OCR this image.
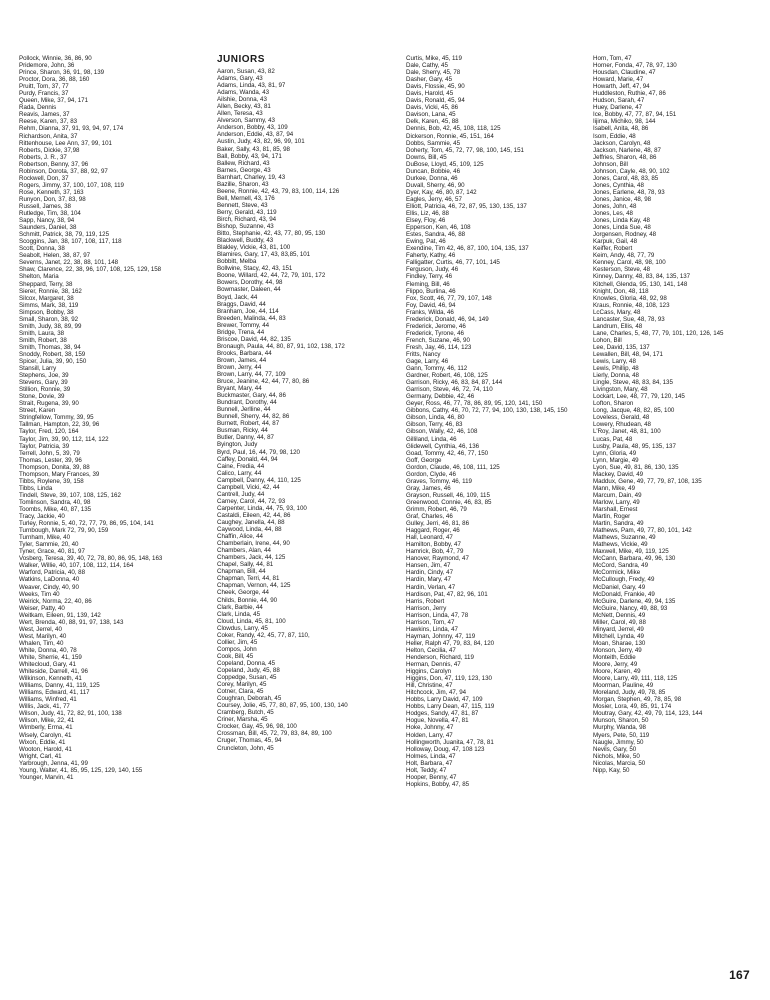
Pollock, Winnie, 36, 86, 90
Pridemore, John, 36
Prince, Sharon, 36, 91, 98, 139
Proctor, Dora, 36, 88, 160
Pruitt, Tom, 37, 77
Purdy, Francis, 37
Queen, Mike, 37, 94, 171
Rada, Dennis
Reavis, James, 37
Reese, Karen, 37, 83
Rehm, Dianna, 37, 91, 93, 94, 97, 174
Richardson, Anita, 37
Rittenhouse, Lee Ann, 37, 99, 101
Roberts, Dickie, 37,98
Roberts, J. R., 37
Robertson, Benny, 37, 96
Robinson, Dorota, 37, 88, 92, 97
Rockwell, Don, 37
Rogers, Jimmy, 37, 100, 107, 108, 119
Rose, Kenneth, 37, 163
Runyon, Don, 37, 83, 98
Russell, James, 38
Rutledge, Tim, 38, 104
Sapp, Nancy, 38, 94
Saunders, Daniel, 38
Schmitt, Patrick, 38, 79, 119, 125
Scoggins, Jan, 38, 107, 108, 117, 118
Scott, Donna, 38
Seabolt, Helen, 38, 87, 97
Severns, Janet, 22, 38, 88, 101, 148
Shaw, Clarence, 22, 38, 96, 107, 108, 125, 129, 158
Shelton, Maria
Sheppard, Terry, 38
Sierer, Ronnie, 38, 162
Silcox, Margaret, 38
Simms, Mark, 38, 119
Simpson, Bobby, 38
Small, Sharon, 38, 92
Smith, Judy, 38, 89, 99
Smith, Laura, 38
Smith, Robert, 38
Smith, Thomas, 38, 94
Snoddy, Robert, 38, 159
Spicer, Julia, 39, 90, 150
Stansill, Larry
Stephens, Joe, 39
Stevens, Gary, 39
Stillion, Ronnie, 39
Stone, Dovie, 39
Strait, Rugena, 39, 90
Street, Karen
Stringfellow, Tommy, 39, 95
Tallman, Hampton, 22, 39, 96
Taylor, Fred, 120, 164
Taylor, Jim, 39, 90, 112, 114, 122
Taylor, Patricia, 39
Terrell, John, 5, 39, 79
Thomas, Lester, 39, 96
Thompson, Donita, 39, 88
Thompson, Mary Frances, 39
Tibbs, Roylene, 39, 158
Tibbs, Linda
Tindell, Steve, 39, 107, 108, 125, 162
Tomlinson, Sandra, 40, 98
Toombs, Mike, 40, 87, 135
Tracy, Jackie, 40
Turley, Ronnie, 5, 40, 72, 77, 79, 86, 95, 104, 141
Turnbough, Mark 72, 79, 90, 159
Turnham, Mike, 40
Tyler, Sammie, 20, 40
Tyner, Grace, 40, 81, 97
Vosberg, Teresa, 39, 40, 72, 78, 80, 86, 95, 148, 163
Walker, Willie, 40, 107, 108, 112, 114, 164
Warford, Patricia, 40, 88
Watkins, LaDonna, 40
Weaver, Cindy, 40, 90
Weeks, Tim 40
Weirick, Norma, 22, 40, 86
Weiser, Patty, 40
Weitkam, Eileen, 91, 139, 142
Wert, Brenda, 40, 88, 91, 97, 138, 143
West, Jerrel, 40
West, Marilyn, 40
Whalen, Tim, 40
White, Donna, 40, 78
White, Sherrie, 41, 159
Whitecloud, Gary, 41
Whiteside, Darrell, 41, 96
Wilkinson, Kenneth, 41
Williams, Danny, 41, 119, 125
Williams, Edward, 41, 117
Williams, Winfred, 41
Willis, Jack, 41, 77
Wilson, Judy, 41, 72, 82, 91, 100, 138
Wilson, Mike, 22, 41
Wimberly, Erma, 41
Wisely, Carolyn, 41
Wixon, Eddie, 41
Wooton, Harold, 41
Wright, Carl, 41
Yarbrough, Jenna, 41, 99
Young, Walter, 41, 85, 95, 125, 129, 140, 155
Younger, Marvin, 41
JUNIORS
Aaron, Susan, 43, 82
Adams, Gary, 43
Adams, Linda, 43, 81, 97
Adams, Wanda, 43
Ailshie, Donna, 43
Allen, Becky, 43, 81
Allen, Teresa, 43
Alverson, Sammy, 43
Anderson, Bobby, 43, 109
Anderson, Eddie, 43, 87, 94
Austin, Judy, 43, 82, 96, 99, 101
Baker, Sally, 43, 81, 85, 98
Ball, Bobby, 43, 94, 171
Ballew, Richard, 43
Barnes, George, 43
Barnhart, Charley, 19, 43
Bazille, Sharon, 43
Beene, Ronnie, 42, 43, 79, 83, 100, 114, 126
Bell, Mernell, 43, 176
Bennett, Steve, 43
Berry, Gerald, 43, 119
Birch, Richard, 43, 94
Bishop, Suzanne, 43
Bitto, Stephanie, 42, 43, 77, 80, 95, 130
Blackwell, Buddy, 43
Blakley, Vickie, 43, 81, 100
Blamires, Gary, 17, 43, 83,85, 101
Bobbitt, Melba
Bollwine, Stacy, 42, 43, 151
Boone, Willard, 42, 44, 72, 79, 101, 172
Bowers, Dorothy, 44, 98
Bowmaster, Daleen, 44
Boyd, Jack, 44
Braggs, David, 44
Branham, Joe, 44, 114
Breeden, Malinda, 44, 83
Brewer, Tommy, 44
Bridge, Trena, 44
Briscoe, David, 44, 82, 135
Bronaugh, Paula, 44, 80, 87, 91, 102, 138, 172
Brooks, Barbara, 44
Brown, James, 44
Brown, Jerry, 44
Brown, Larry, 44, 77, 109
Bruce, Jeanine, 42, 44, 77, 80, 86
Bryant, Mary, 44
Buckmaster, Gary, 44, 86
Bundrant, Dorothy, 44
Bunnell, Jerlline, 44
Bunnell, Sherry, 44, 82, 86
Burnett, Robert, 44, 87
Busman, Ricky, 44
Butler, Danny, 44, 87
Byington, Judy
Byrd, Paul, 16, 44, 79, 98, 120
Caffey, Donald, 44, 94
Caine, Fredia, 44
Calico, Larry, 44
Campbell, Danny, 44, 110, 125
Campbell, Vicki, 42, 44
Cantrell, Judy, 44
Carney, Carol, 44, 72, 93
Carpenter, Linda, 44, 75, 93, 100
Castaldi, Eileen, 42, 44, 86
Caughey, Janella, 44, 88
Caywood, Linda, 44, 88
Chaffin, Alice, 44
Chamberlain, Irene, 44, 90
Chambers, Alan, 44
Chambers, Jack, 44, 125
Chapel, Sally, 44, 81
Chapman, Bill, 44
Chapman, Terri, 44, 81
Chapman, Vernon, 44, 125
Cheek, George, 44
Childs, Bonnie, 44, 90
Clark, Barbie, 44
Clark, Linda, 45
Cloud, Linda, 45, 81, 100
Clowdus, Larry, 45
Coker, Randy, 42, 45, 77, 87, 110,
Collier, Jim, 45
Compos, John
Cook, Bill, 45
Copeland, Donna, 45
Copeland, Judy, 45, 88
Coppedge, Susan, 45
Corey, Marilyn, 45
Cotner, Clara, 45
Coughran, Deborah, 45
Coursey, Jolie, 45, 77, 80, 87, 95, 100, 130, 140
Cramberg, Butch, 45
Criner, Marsha, 45
Crocker, Gay, 45, 96, 98, 100
Crossman, Bill, 45, 72, 79, 83, 84, 89, 100
Cruger, Thomas, 45, 94
Cruncleton, John, 45
Curtis, Mike, 45, 119
Dale, Cathy, 45
Dale, Sherry, 45, 78
Dasher, Gary, 45
Davis, Flossie, 45, 90
Davis, Harold, 45
Davis, Ronald, 45, 94
Davis, Vicki, 45, 86
Davison, Lana, 45
Delk, Karen, 45, 88
Dennis, Bob, 42, 45, 108, 118, 125
Dickerson, Ronnie, 45, 151, 164
Dobbs, Sammie, 45
Doherty, Tom, 45, 72, 77, 98, 100, 145, 151
Downs, Bill, 45
DuBose, Lloyd, 45, 109, 125
Duncan, Bobbie, 46
Durkee, Donna, 46
Duvall, Sherry, 46, 90
Dyer, Kay, 46, 80, 87, 142
Eagles, Jerry, 46, 57
Elliott, Patricia, 46, 72, 87, 95, 130, 135, 137
Ellis, Liz, 46, 88
Elsey, Floy, 46
Epperson, Ken, 46, 108
Estes, Sandra, 46, 88
Ewing, Pat, 46
Exendine, Tim 42, 46, 87, 100, 104, 135, 137
Faherty, Kathy, 46
Falligatter, Curtis, 46, 77, 101, 145
Ferguson, Judy, 46
Findley, Terry, 46
Fleming, Bill, 46
Flippo, Burlina, 46
Fox, Scott, 46, 77, 79, 107, 148
Foy, David, 46, 94
Franks, Wilda, 46
Frederick, Donald, 46, 94, 149
Frederick, Jerome, 46
Frederick, Tyrone, 46
French, Suzane, 46, 90
Fresh, Jay, 46, 114, 123
Fritts, Nancy
Gage, Larry, 46
Gann, Tommy, 46, 112
Gardner, Robert, 46, 108, 125
Garrison, Ricky, 46, 83, 84, 87, 144
Garrison, Steve, 46, 72, 74, 110
Germany, Debbie, 42, 46
Geyer, Ross, 46, 77, 78, 86, 89, 95, 120, 141, 150
Gibbons, Cathy, 46, 70, 72, 77, 94, 100, 130, 138, 145, 150
Gibson, Linda, 46, 80
Gibson, Terry, 46, 83
Gibson, Wally, 42, 46, 108
Gilliland, Linda, 46
Glidewell, Cynthia, 46, 136
Goad, Tommy, 42, 46, 77, 150
Goff, George
Gordon, Claude, 46, 108, 111, 125
Gordon, Clyde, 46
Graves, Tommy, 46, 119
Gray, James, 46
Grayson, Russell, 46, 109, 115
Greenwood, Connie, 46, 83, 85
Grimm, Robert, 46, 79
Graf, Charles, 46
Gulley, Jerri, 46, 81, 86
Haggard, Roger, 46
Hall, Leonard, 47
Hamilton, Bobby, 47
Hamrick, Bob, 47, 79
Hanover, Raymond, 47
Hansen, Jim, 47
Hardin, Cindy, 47
Hardin, Mary, 47
Hardin, Verlan, 47
Hardison, Pat, 47, 82, 96, 101
Harris, Robert
Harrison, Jerry
Harrison, Linda, 47, 78
Harrison, Tom, 47
Hawkins, Linda, 47
Hayman, Johnny, 47, 119
Heller, Ralph 47, 79, 83, 84, 120
Helton, Cecilia, 47
Henderson, Richard, 119
Herman, Dennis, 47
Higgins, Carolyn
Higgins, Don, 47, 119, 123, 130
Hill, Christine, 47
Hitchcock, Jim, 47, 94
Hobbs, Larry David, 47, 109
Hobbs, Larry Dean, 47, 115, 119
Hodges, Sandy, 47, 81, 87
Hogue, Novella, 47, 81
Hoke, Johnny, 47
Holden, Larry, 47
Hollingworth, Juanita, 47, 78, 81
Holloway, Doug, 47, 108 123
Holmes, Linda, 47
Holt, Barbara, 47
Holt, Teddy, 47
Hooper, Benny, 47
Hopkins, Bobby, 47, 85
Horn, Tom, 47
Horner, Fonda, 47, 78, 97, 130
Housdan, Claudine, 47
Howard, Marie, 47
Howarth, Jeff, 47, 94
Huddleston, Ruthie, 47, 86
Hudson, Sarah, 47
Huey, Darlene, 47
Ice, Bobby, 47, 77, 87, 94, 151
Iijima, Michiko, 98, 144
Isabell, Anita, 48, 86
Isom, Eddie, 48
Jackson, Carolyn, 48
Jackson, Narlene, 48, 87
Jeffries, Sharon, 48, 86
Johnson, Bill
Johnson, Cayle, 48, 90, 102
Jones, Carol, 48, 83, 85
Jones, Cynthia, 48
Jones, Earlene, 48, 78, 93
Jones, Janice, 48, 98
Jones, John, 48
Jones, Les, 48
Jones, Linda Kay, 48
Jones, Linda Sue, 48
Jorgensen, Rodney, 48
Karpuk, Gail, 48
Keiffer, Robert
Keim, Andy, 48, 77, 79
Kenney, Carol, 48, 98, 100
Kesterson, Steve, 48
Kinney, Danny, 48, 83, 84, 135, 137
Kitchell, Glenda, 95, 130, 141, 148
Knight, Don, 48, 118
Knowles, Gloria, 48, 92, 98
Kraus, Ronnie, 48, 108, 123
LcCass, Mary, 48
Lancaster, Sue, 48, 78, 93
Landrum, Ellis, 48
Lane, Charles, 5, 48, 77, 79, 101, 120, 126, 145
Lohon, Bill
Lee, David, 135, 137
Lewallen, Bill, 48, 94, 171
Lewis, Larry, 48
Lewis, Phillip, 48
Lierly, Donna, 48
Lingle, Steve, 48, 83, 84, 135
Livingston, Mary, 48
Lockart, Lee, 48, 77, 79, 120, 145
Lofton, Sharon
Long, Jacque, 48, 82, 85, 100
Loveless, Gerald, 48
Lowery, Rhudean, 48
L'Roy, Janet, 48, 81, 100
Lucas, Pat, 48
Lusby, Paula, 48, 95, 135, 137
Lynn, Gloria, 49
Lynn, Margie, 49
Lyon, Sue, 49, 81, 86, 130, 135
Mackey, David, 49
Maddux, Gene, 49, 77, 79, 87, 108, 135
Mann, Mike, 49
Marcum, Dain, 49
Marlow, Larry, 49
Marshall, Ernest
Martin, Roger
Martin, Sandra, 49
Mathews, Pam, 49, 77, 80, 101, 142
Mathews, Suzanne, 49
Mathews, Vickie, 49
Maxwell, Mike, 49, 119, 125
McCann, Barbara, 49, 96, 130
McCord, Sandra, 49
McCormick, Mike
McCullough, Fredy, 49
McDaniel, Gary, 49
McDonald, Frankie, 49
McGuire, Darlene, 49, 94, 135
McGuire, Nancy, 49, 88, 93
McNett, Dennis, 49
Miller, Carol, 49, 88
Minyard, Jerrel, 49
Mitchell, Lynda, 49
Moan, Sharae, 130
Monson, Jerry, 49
Monteith, Eddie
Moore, Jerry, 49
Moore, Karen, 49
Moore, Larry, 49, 111, 118, 125
Moorman, Pauline, 49
Moreland, Judy, 49, 78, 85
Morgan, Stephen, 49, 78, 85, 98
Mosier, Lora, 49, 85, 91, 174
Moutray, Gary, 42, 49, 79, 114, 123, 144
Munson, Sharon, 50
Murphy, Wanda, 98
Myers, Pete, 50, 119
Naugle, Jimmy, 50
Nevils, Gary, 50
Nichols, Mike, 50
Nicolas, Marcia, 50
Nipp, Kay, 50
167
